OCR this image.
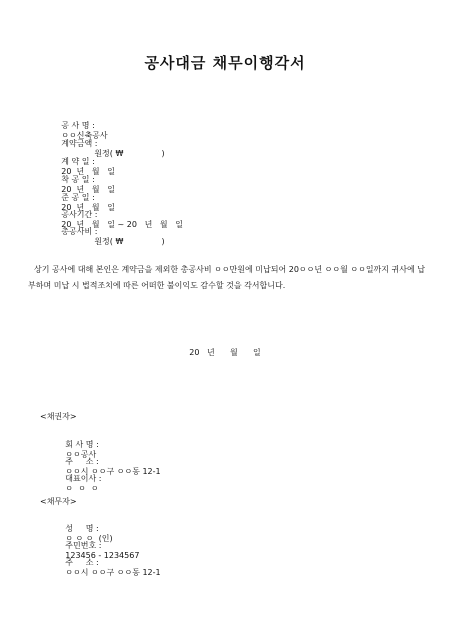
공사대금 채무이행각서

공 사 명 :
ㅇㅇ신축공사

계약금액 :
원정( ₩               )

계 약 일 :
20  년   월   일

착 공 일 :
20  년   월   일

준 공 일 :
20  년   월   일

공사기간 :
20  년   월   일 ~ 20   년   월   일

총공사비 :
원정( ₩               )

상기 공사에 대해 본인은 계약금을 제외한 총공사비 ㅇㅇ만원에 미납되어 20ㅇㅇ년 ㅇㅇ월 ㅇㅇ일까지 귀사에 납부하며 미납 시 법적조치에 따른 어떠한 불이익도 감수할 것을 각서합니다.
20   년      월      일
<채권자>

회 사 명 :
ㅇㅇ공사

주     소 :
ㅇㅇ시 ㅇㅇ구 ㅇㅇ동 12-1

대표이사 :
ㅇ  ㅇ  ㅇ

<채무자>

성     명 :
ㅇ ㅇ ㅇ  (인)

주민번호 :
123456 - 1234567

주     소 :
ㅇㅇ시 ㅇㅇ구 ㅇㅇ동 12-1
